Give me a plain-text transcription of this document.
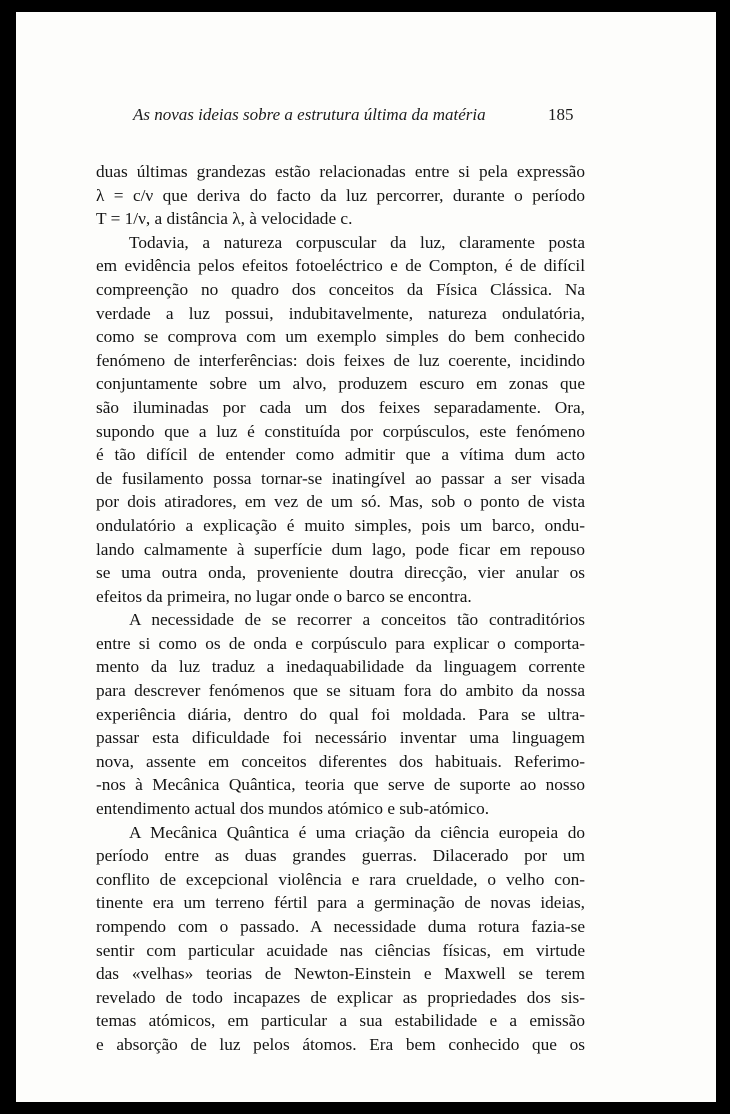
As novas ideias sobre a estrutura última da matéria	185

duas últimas grandezas estão relacionadas entre si pela expressão
λ = c/ν que deriva do facto da luz percorrer, durante o período
T = 1/ν, a distância λ, à velocidade c.

Todavia, a natureza corpuscular da luz, claramente posta
em evidência pelos efeitos fotoeléctrico e de Compton, é de difícil
compreenção no quadro dos conceitos da Física Clássica. Na
verdade a luz possui, indubitavelmente, natureza ondulatória,
como se comprova com um exemplo simples do bem conhecido
fenómeno de interferências: dois feixes de luz coerente, incidindo
conjuntamente sobre um alvo, produzem escuro em zonas que
são iluminadas por cada um dos feixes separadamente. Ora,
supondo que a luz é constituída por corpúsculos, este fenómeno
é tão difícil de entender como admitir que a vítima dum acto
de fusilamento possa tornar-se inatingível ao passar a ser visada
por dois atiradores, em vez de um só. Mas, sob o ponto de vista
ondulatório a explicação é muito simples, pois um barco, ondu-
lando calmamente à superfície dum lago, pode ficar em repouso
se uma outra onda, proveniente doutra direcção, vier anular os
efeitos da primeira, no lugar onde o barco se encontra.

A necessidade de se recorrer a conceitos tão contraditórios
entre si como os de onda e corpúsculo para explicar o comporta-
mento da luz traduz a inedaquabilidade da linguagem corrente
para descrever fenómenos que se situam fora do ambito da nossa
experiência diária, dentro do qual foi moldada. Para se ultra-
passar esta dificuldade foi necessário inventar uma linguagem
nova, assente em conceitos diferentes dos habituais. Referimo-
-nos à Mecânica Quântica, teoria que serve de suporte ao nosso
entendimento actual dos mundos atómico e sub-atómico.

A Mecânica Quântica é uma criação da ciência europeia do
período entre as duas grandes guerras. Dilacerado por um
conflito de excepcional violência e rara crueldade, o velho con-
tinente era um terreno fértil para a germinação de novas ideias,
rompendo com o passado. A necessidade duma rotura fazia-se
sentir com particular acuidade nas ciências físicas, em virtude
das «velhas» teorias de Newton-Einstein e Maxwell se terem
revelado de todo incapazes de explicar as propriedades dos sis-
temas atómicos, em particular a sua estabilidade e a emissão
e absorção de luz pelos átomos. Era bem conhecido que os
